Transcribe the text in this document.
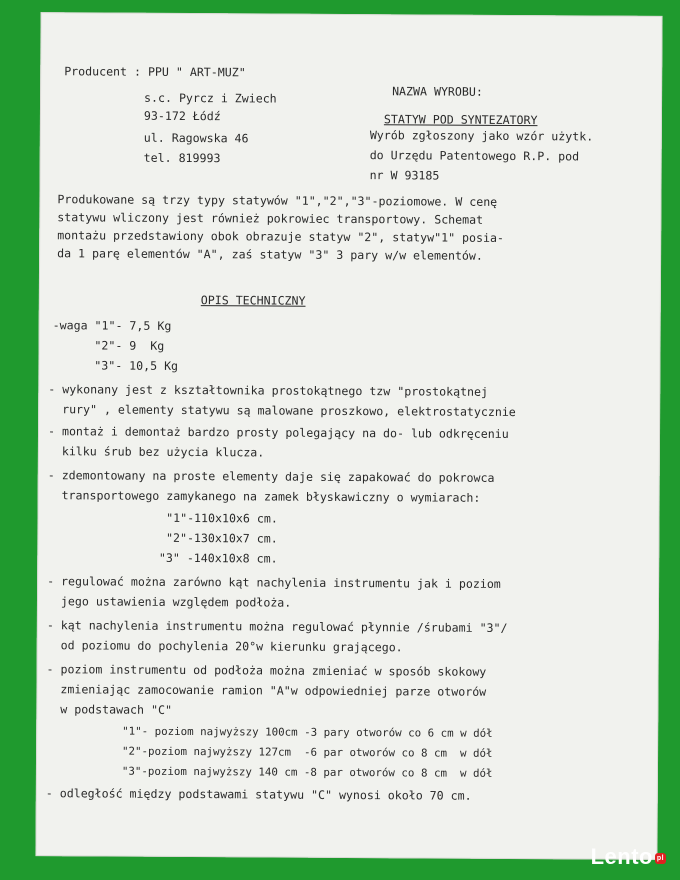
Producent : PPU " ART-MUZ"
s.c. Pyrcz i Zwiech
93-172 Łódź
ul. Ragowska 46
tel. 819993
NAZWA WYROBU:
STATYW POD SYNTEZATORY
Wyrób zgłoszony jako wzór użytk.
do Urzędu Patentowego R.P. pod
nr W 93185
Produkowane są trzy typy statywów "1","2","3"-poziomowe. W cenę
statywu wliczony jest również pokrowiec transportowy. Schemat
montażu przedstawiony obok obrazuje statyw "2", statyw"1" posia-
da 1 parę elementów "A", zaś statyw "3" 3 pary w/w elementów.
OPIS TECHNICZNY
-waga "1"- 7,5 Kg
"2"- 9  Kg
"3"- 10,5 Kg
- wykonany jest z kształtownika prostokątnego tzw "prostokątnej
rury" , elementy statywu są malowane proszkowo, elektrostatycznie
- montaż i demontaż bardzo prosty polegający na do- lub odkręceniu
kilku śrub bez użycia klucza.
- zdemontowany na proste elementy daje się zapakować do pokrowca
transportowego zamykanego na zamek błyskawiczny o wymiarach:
"1"-110x10x6 cm.
"2"-130x10x7 cm.
"3" -140x10x8 cm.
- regulować można zarówno kąt nachylenia instrumentu jak i poziom
jego ustawienia względem podłoża.
- kąt nachylenia instrumentu można regulować płynnie /śrubami "3"/
od poziomu do pochylenia 20°w kierunku grającego.
- poziom instrumentu od podłoża można zmieniać w sposób skokowy
zmieniając zamocowanie ramion "A"w odpowiedniej parze otworów
w podstawach "C"
"1"- poziom najwyższy 100cm -3 pary otworów co 6 cm w dół
"2"-poziom najwyższy 127cm  -6 par otworów co 8 cm  w dół
"3"-poziom najwyższy 140 cm -8 par otworów co 8 cm  w dół
- odległość między podstawami statywu "C" wynosi około 70 cm.
Lento pl
